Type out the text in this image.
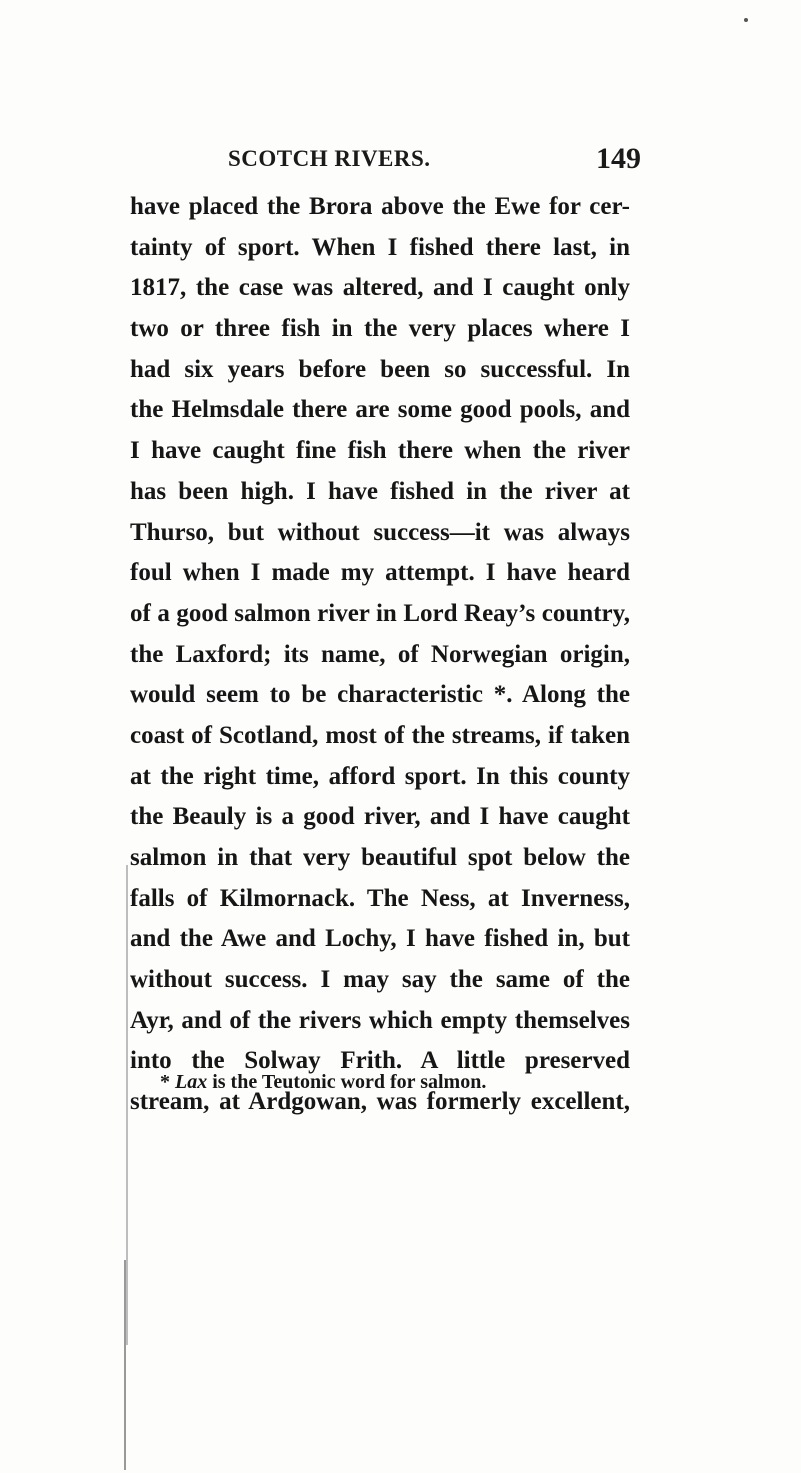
SCOTCH RIVERS.	149
have placed the Brora above the Ewe for cer-
tainty of sport. When I fished there last, in
1817, the case was altered, and I caught only
two or three fish in the very places where I
had six years before been so successful. In
the Helmsdale there are some good pools, and
I have caught fine fish there when the river
has been high. I have fished in the river at
Thurso, but without success—it was always
foul when I made my attempt. I have heard
of a good salmon river in Lord Reay’s country,
the Laxford; its name, of Norwegian origin,
would seem to be characteristic *. Along the
coast of Scotland, most of the streams, if taken
at the right time, afford sport. In this county
the Beauly is a good river, and I have caught
salmon in that very beautiful spot below the
falls of Kilmornack. The Ness, at Inverness,
and the Awe and Lochy, I have fished in, but
without success. I may say the same of the
Ayr, and of the rivers which empty themselves
into the Solway Frith. A little preserved
stream, at Ardgowan, was formerly excellent,
* Lax is the Teutonic word for salmon.
